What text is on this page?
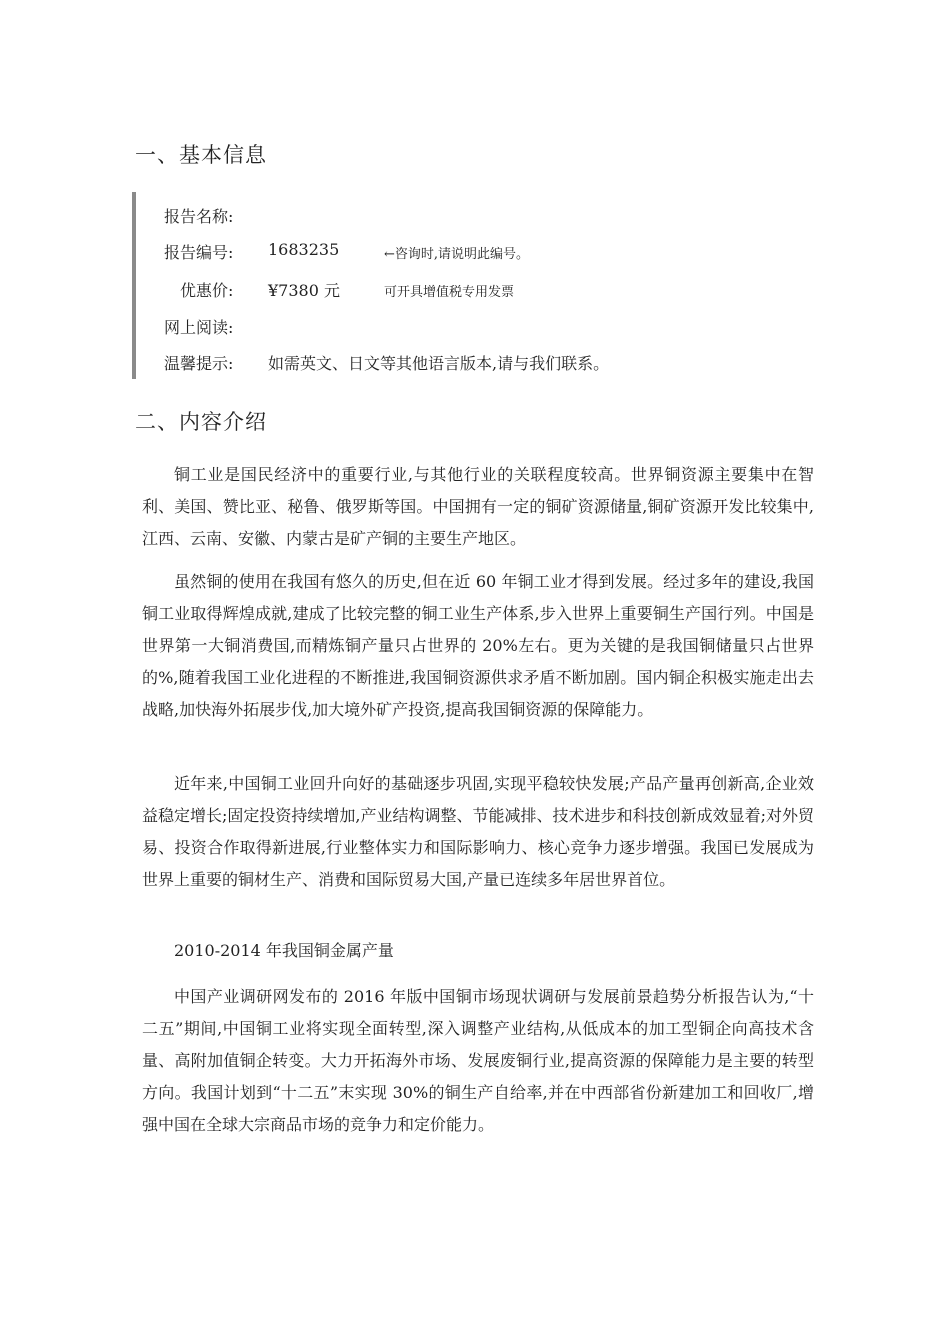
一、基本信息
报告名称:
报告编号: 1683235	←咨询时,请说明此编号。
优惠价: ¥7380 元	可开具增值税专用发票
网上阅读:
温馨提示: 如需英文、日文等其他语言版本,请与我们联系。
二、内容介绍

铜工业是国民经济中的重要行业,与其他行业的关联程度较高。世界铜资源主要集中在智利、美国、赞比亚、秘鲁、俄罗斯等国。中国拥有一定的铜矿资源储量,铜矿资源开发比较集中,江西、云南、安徽、内蒙古是矿产铜的主要生产地区。

虽然铜的使用在我国有悠久的历史,但在近 60 年铜工业才得到发展。经过多年的建设,我国铜工业取得辉煌成就,建成了比较完整的铜工业生产体系,步入世界上重要铜生产国行列。中国是世界第一大铜消费国,而精炼铜产量只占世界的 20%左右。更为关键的是我国铜储量只占世界的%,随着我国工业化进程的不断推进,我国铜资源供求矛盾不断加剧。国内铜企积极实施走出去战略,加快海外拓展步伐,加大境外矿产投资,提高我国铜资源的保障能力。

近年来,中国铜工业回升向好的基础逐步巩固,实现平稳较快发展;产品产量再创新高,企业效益稳定增长;固定投资持续增加,产业结构调整、节能减排、技术进步和科技创新成效显着;对外贸易、投资合作取得新进展,行业整体实力和国际影响力、核心竞争力逐步增强。我国已发展成为世界上重要的铜材生产、消费和国际贸易大国,产量已连续多年居世界首位。

2010-2014 年我国铜金属产量

中国产业调研网发布的 2016 年版中国铜市场现状调研与发展前景趋势分析报告认为,“十二五”期间,中国铜工业将实现全面转型,深入调整产业结构,从低成本的加工型铜企向高技术含量、高附加值铜企转变。大力开拓海外市场、发展废铜行业,提高资源的保障能力是主要的转型方向。我国计划到“十二五”末实现 30%的铜生产自给率,并在中西部省份新建加工和回收厂,增强中国在全球大宗商品市场的竞争力和定价能力。
